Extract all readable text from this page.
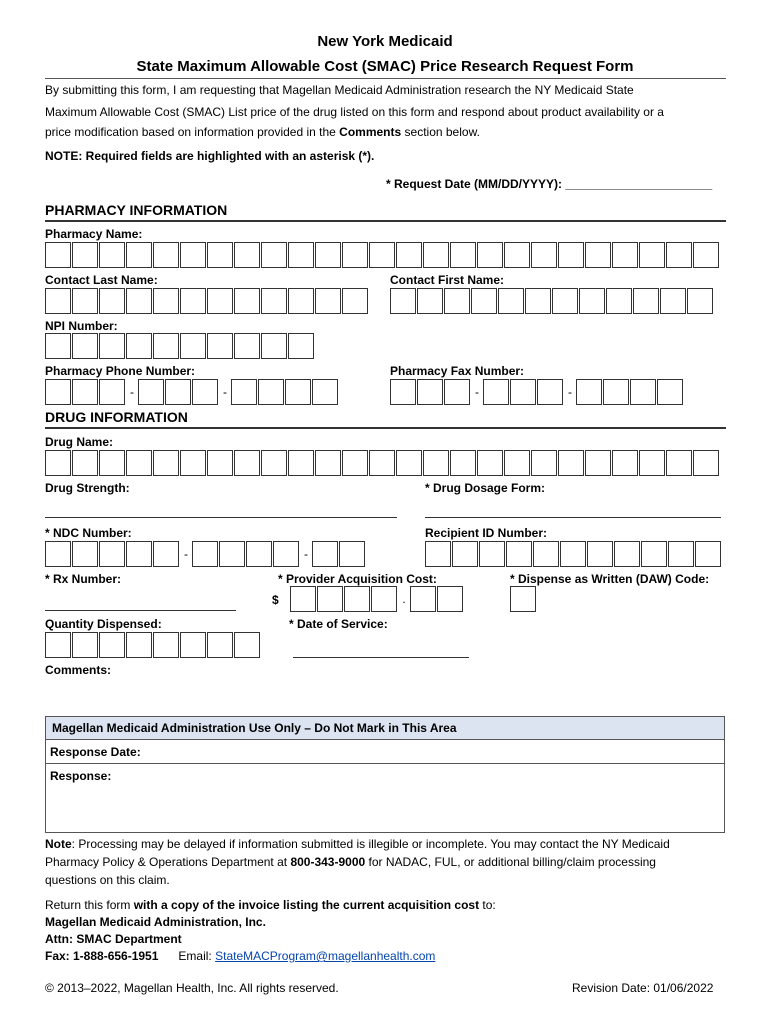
New York Medicaid
State Maximum Allowable Cost (SMAC) Price Research Request Form
By submitting this form, I am requesting that Magellan Medicaid Administration research the NY Medicaid State
Maximum Allowable Cost (SMAC) List price of the drug listed on this form and respond about product availability or a
price modification based on information provided in the Comments section below.
NOTE: Required fields are highlighted with an asterisk (*).
* Request Date (MM/DD/YYYY): ______________________
PHARMACY INFORMATION
Pharmacy Name:
Contact Last Name:	Contact First Name:
NPI Number:
Pharmacy Phone Number:
-	-
Pharmacy Fax Number:
-	-
DRUG INFORMATION
Drug Name:
Drug Strength:	* Drug Dosage Form:
* NDC Number:
-	-
Recipient ID Number:
* Rx Number:	* Provider Acquisition Cost:
$	.
* Dispense as Written (DAW) Code:
Quantity Dispensed:	* Date of Service:
Comments:
Magellan Medicaid Administration Use Only – Do Not Mark in This Area
Response Date:
Response:
Note: Processing may be delayed if information submitted is illegible or incomplete. You may contact the NY Medicaid
Pharmacy Policy & Operations Department at 800-343-9000 for NADAC, FUL, or additional billing/claim processing
questions on this claim.
Return this form with a copy of the invoice listing the current acquisition cost to:
Magellan Medicaid Administration, Inc.
Attn: SMAC Department
Fax: 1-888-656-1951 Email: StateMACProgram@magellanhealth.com
© 2013–2022, Magellan Health, Inc. All rights reserved.	Revision Date: 01/06/2022
